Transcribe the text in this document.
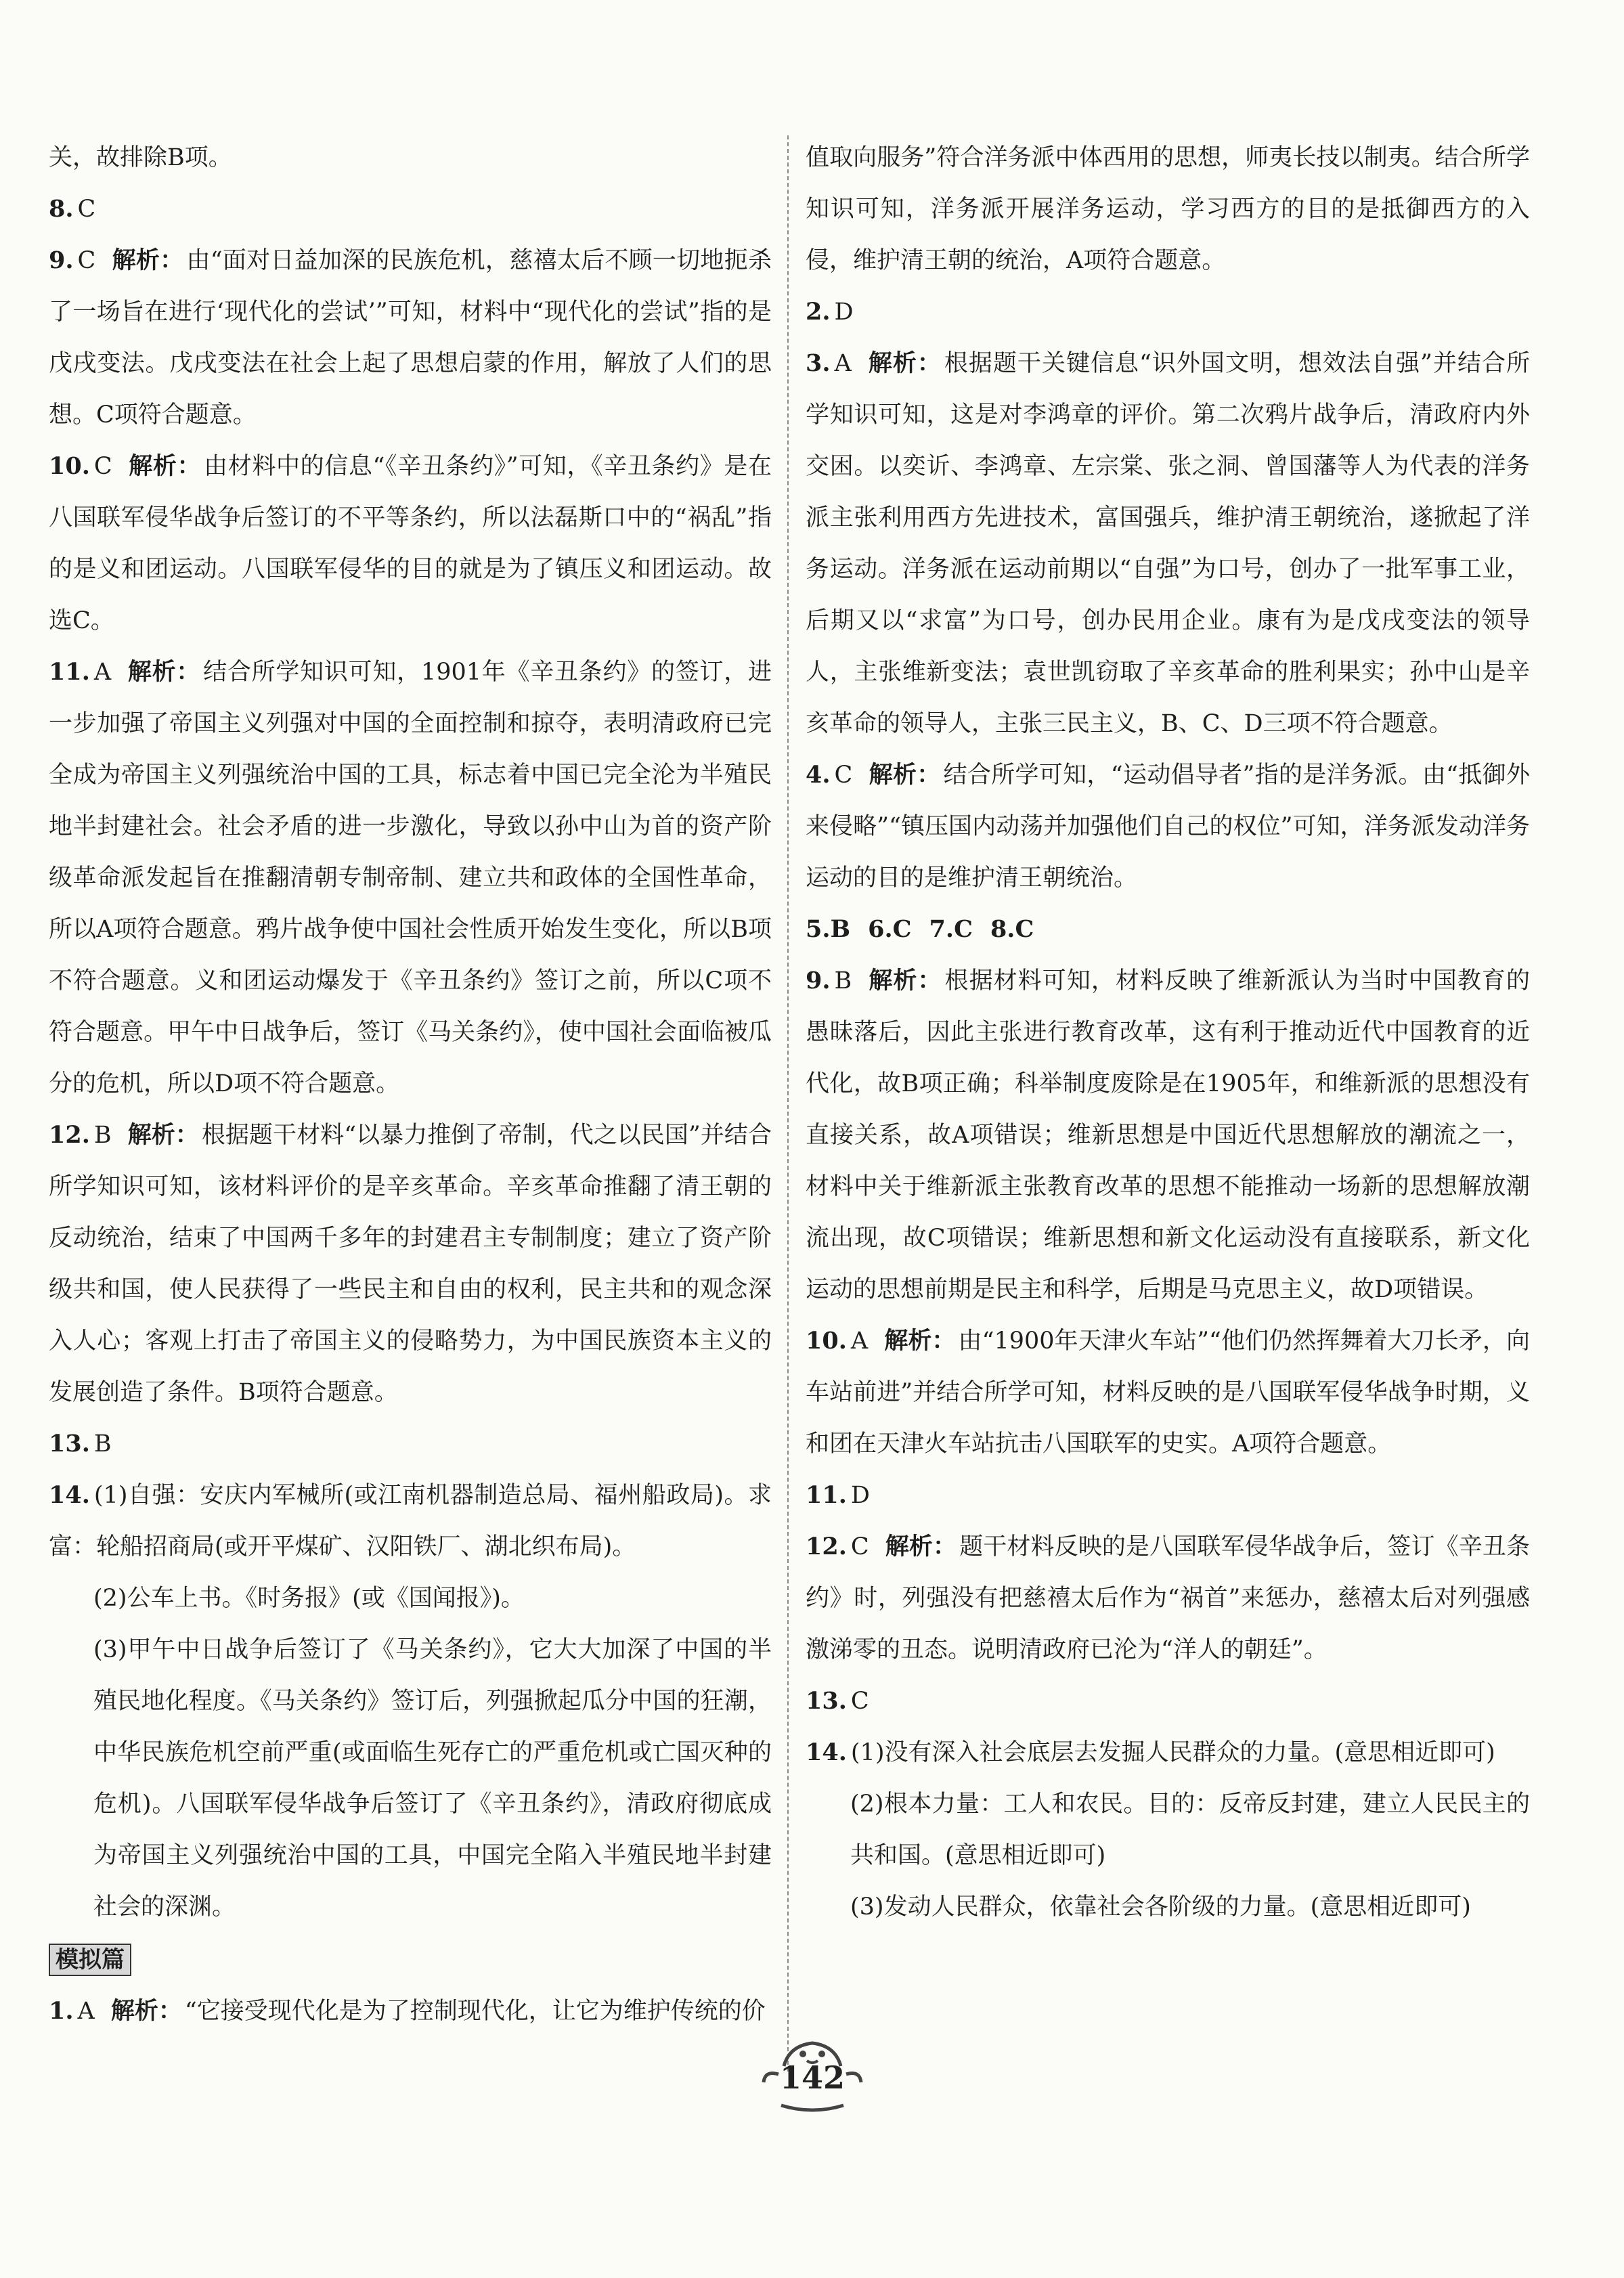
关，故排除B项。

8. C

9. C 解析： 由“面对日益加深的民族危机，慈禧太后不顾一切地扼杀了一场旨在进行‘现代化的尝试’”可知，材料中“现代化的尝试”指的是戊戌变法。戊戌变法在社会上起了思想启蒙的作用，解放了人们的思想。C项符合题意。

10. C 解析： 由材料中的信息“《辛丑条约》”可知，《辛丑条约》是在八国联军侵华战争后签订的不平等条约，所以法磊斯口中的“祸乱”指的是义和团运动。八国联军侵华的目的就是为了镇压义和团运动。故选C。

11. A 解析： 结合所学知识可知，1901年《辛丑条约》的签订，进一步加强了帝国主义列强对中国的全面控制和掠夺，表明清政府已完全成为帝国主义列强统治中国的工具，标志着中国已完全沦为半殖民地半封建社会。社会矛盾的进一步激化，导致以孙中山为首的资产阶级革命派发起旨在推翻清朝专制帝制、建立共和政体的全国性革命，所以A项符合题意。鸦片战争使中国社会性质开始发生变化，所以B项不符合题意。义和团运动爆发于《辛丑条约》签订之前，所以C项不符合题意。甲午中日战争后，签订《马关条约》，使中国社会面临被瓜分的危机，所以D项不符合题意。

12. B 解析： 根据题干材料“以暴力推倒了帝制，代之以民国”并结合所学知识可知，该材料评价的是辛亥革命。辛亥革命推翻了清王朝的反动统治，结束了中国两千多年的封建君主专制制度；建立了资产阶级共和国，使人民获得了一些民主和自由的权利，民主共和的观念深入人心；客观上打击了帝国主义的侵略势力，为中国民族资本主义的发展创造了条件。B项符合题意。

13. B

14. (1)自强：安庆内军械所(或江南机器制造总局、福州船政局)。求富：轮船招商局(或开平煤矿、汉阳铁厂、湖北织布局)。

(2)公车上书。《时务报》(或《国闻报》)。

(3)甲午中日战争后签订了《马关条约》，它大大加深了中国的半殖民地化程度。《马关条约》签订后，列强掀起瓜分中国的狂潮，中华民族危机空前严重(或面临生死存亡的严重危机或亡国灭种的危机)。八国联军侵华战争后签订了《辛丑条约》，清政府彻底成为帝国主义列强统治中国的工具，中国完全陷入半殖民地半封建社会的深渊。

模拟篇

1. A 解析： “它接受现代化是为了控制现代化，让它为维护传统的价

值取向服务”符合洋务派中体西用的思想，师夷长技以制夷。结合所学知识可知，洋务派开展洋务运动，学习西方的目的是抵御西方的入侵，维护清王朝的统治，A项符合题意。

2. D

3. A 解析： 根据题干关键信息“识外国文明，想效法自强”并结合所学知识可知，这是对李鸿章的评价。第二次鸦片战争后，清政府内外交困。以奕䜣、李鸿章、左宗棠、张之洞、曾国藩等人为代表的洋务派主张利用西方先进技术，富国强兵，维护清王朝统治，遂掀起了洋务运动。洋务派在运动前期以“自强”为口号，创办了一批军事工业，后期又以“求富”为口号，创办民用企业。康有为是戊戌变法的领导人，主张维新变法；袁世凯窃取了辛亥革命的胜利果实；孙中山是辛亥革命的领导人，主张三民主义，B、C、D三项不符合题意。

4. C 解析： 结合所学可知，“运动倡导者”指的是洋务派。由“抵御外来侵略”“镇压国内动荡并加强他们自己的权位”可知，洋务派发动洋务运动的目的是维护清王朝统治。

5.B 6.C 7.C 8.C

9. B 解析： 根据材料可知，材料反映了维新派认为当时中国教育的愚昧落后，因此主张进行教育改革，这有利于推动近代中国教育的近代化，故B项正确；科举制度废除是在1905年，和维新派的思想没有直接关系，故A项错误；维新思想是中国近代思想解放的潮流之一，材料中关于维新派主张教育改革的思想不能推动一场新的思想解放潮流出现，故C项错误；维新思想和新文化运动没有直接联系，新文化运动的思想前期是民主和科学，后期是马克思主义，故D项错误。

10. A 解析： 由“1900年天津火车站”“他们仍然挥舞着大刀长矛，向车站前进”并结合所学可知，材料反映的是八国联军侵华战争时期，义和团在天津火车站抗击八国联军的史实。A项符合题意。

11. D

12. C 解析： 题干材料反映的是八国联军侵华战争后，签订《辛丑条约》时，列强没有把慈禧太后作为“祸首”来惩办，慈禧太后对列强感激涕零的丑态。说明清政府已沦为“洋人的朝廷”。

13. C

14. (1)没有深入社会底层去发掘人民群众的力量。(意思相近即可)

(2)根本力量：工人和农民。目的：反帝反封建，建立人民民主的共和国。(意思相近即可)

(3)发动人民群众，依靠社会各阶级的力量。(意思相近即可)

142
